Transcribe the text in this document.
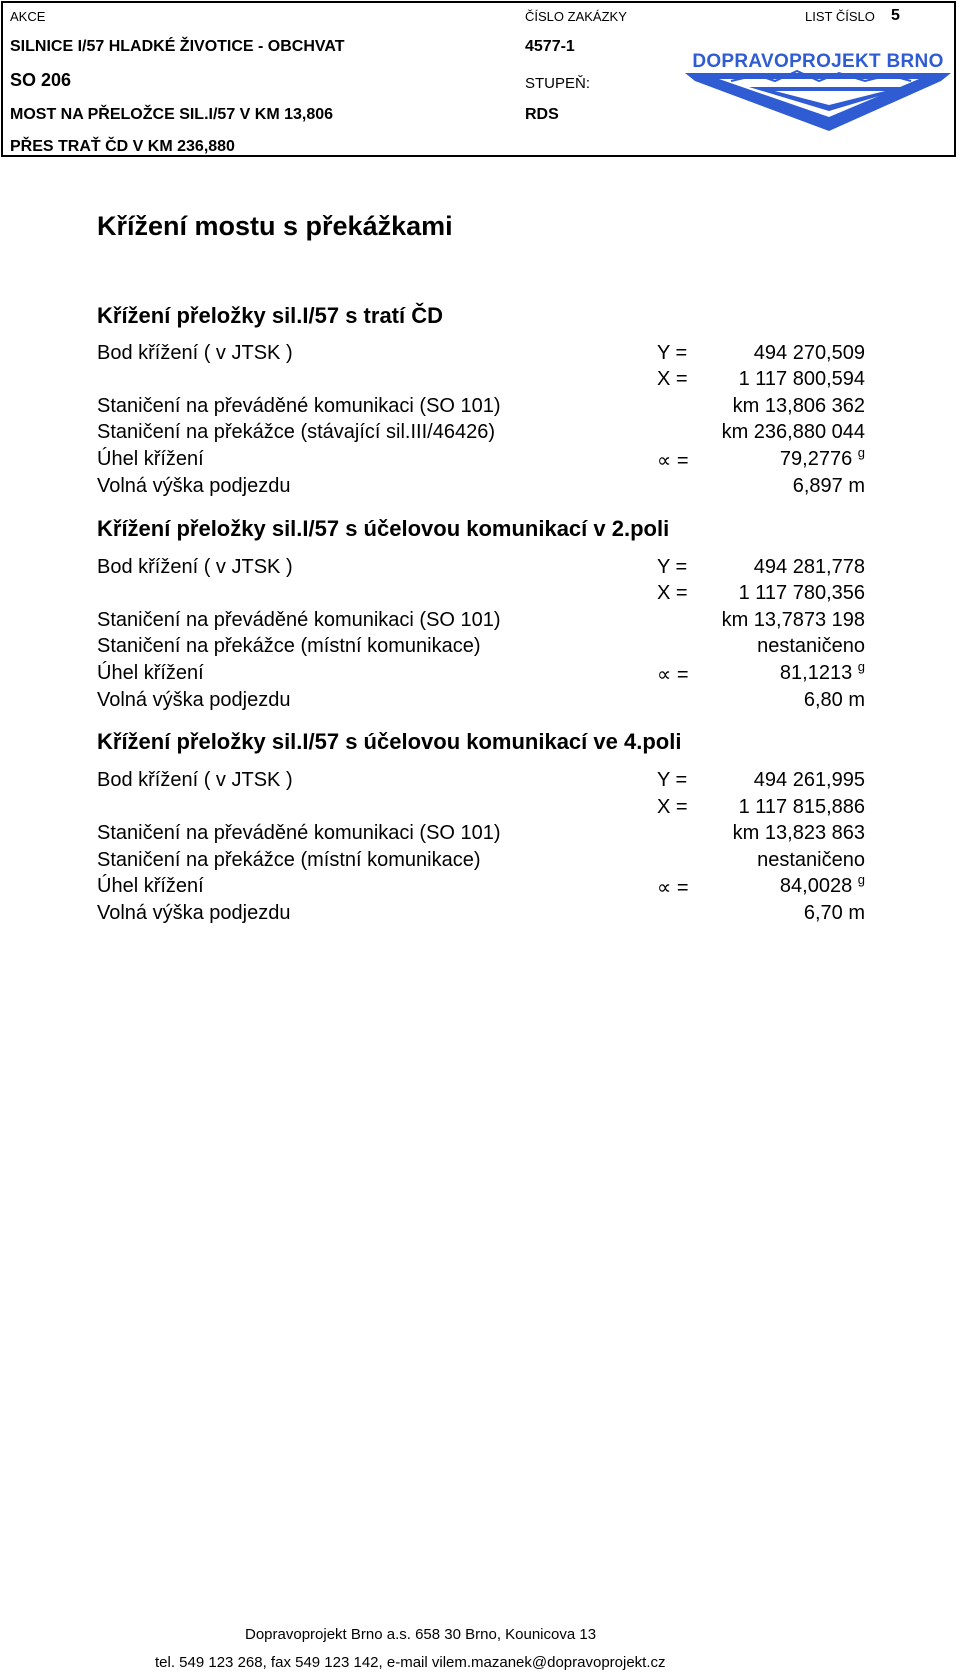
AKCE	ČÍSLO ZAKÁZKY	LIST ČÍSLO 5
SILNICE I/57 HLADKÉ ŽIVOTICE - OBCHVAT	4577-1
SO 206	STUPEŇ:
MOST NA PŘELOŽCE SIL.I/57 V KM 13,806	RDS
PŘES TRAŤ ČD V KM 236,880
DOPRAVOPROJEKT BRNO
Křížení mostu s překážkami
Křížení přeložky sil.I/57 s tratí ČD
Bod křížení ( v JTSK )	Y =	494 270,509
X =	1 117 800,594
Staničení na převáděné komunikaci (SO 101)	km 13,806 362
Staničení na překážce (stávající sil.III/46426)	km 236,880 044
Úhel křížení	∝ =	79,2776 $^g$
Volná výška podjezdu	6,897 m
Křížení přeložky sil.I/57 s účelovou komunikací v 2.poli
Bod křížení ( v JTSK )	Y =	494 281,778
X =	1 117 780,356
Staničení na převáděné komunikaci (SO 101)	km 13,7873 198
Staničení na překážce (místní komunikace)	nestaničeno
Úhel křížení	∝ =	81,1213 $^g$
Volná výška podjezdu	6,80 m
Křížení přeložky sil.I/57 s účelovou komunikací ve 4.poli
Bod křížení ( v JTSK )	Y =	494 261,995
X =	1 117 815,886
Staničení na převáděné komunikaci (SO 101)	km 13,823 863
Staničení na překážce (místní komunikace)	nestaničeno
Úhel křížení	∝ =	84,0028 $^g$
Volná výška podjezdu	6,70 m
Dopravoprojekt Brno a.s. 658 30 Brno, Kounicova 13
tel. 549 123 268, fax 549 123 142, e-mail vilem.mazanek@dopravoprojekt.cz
